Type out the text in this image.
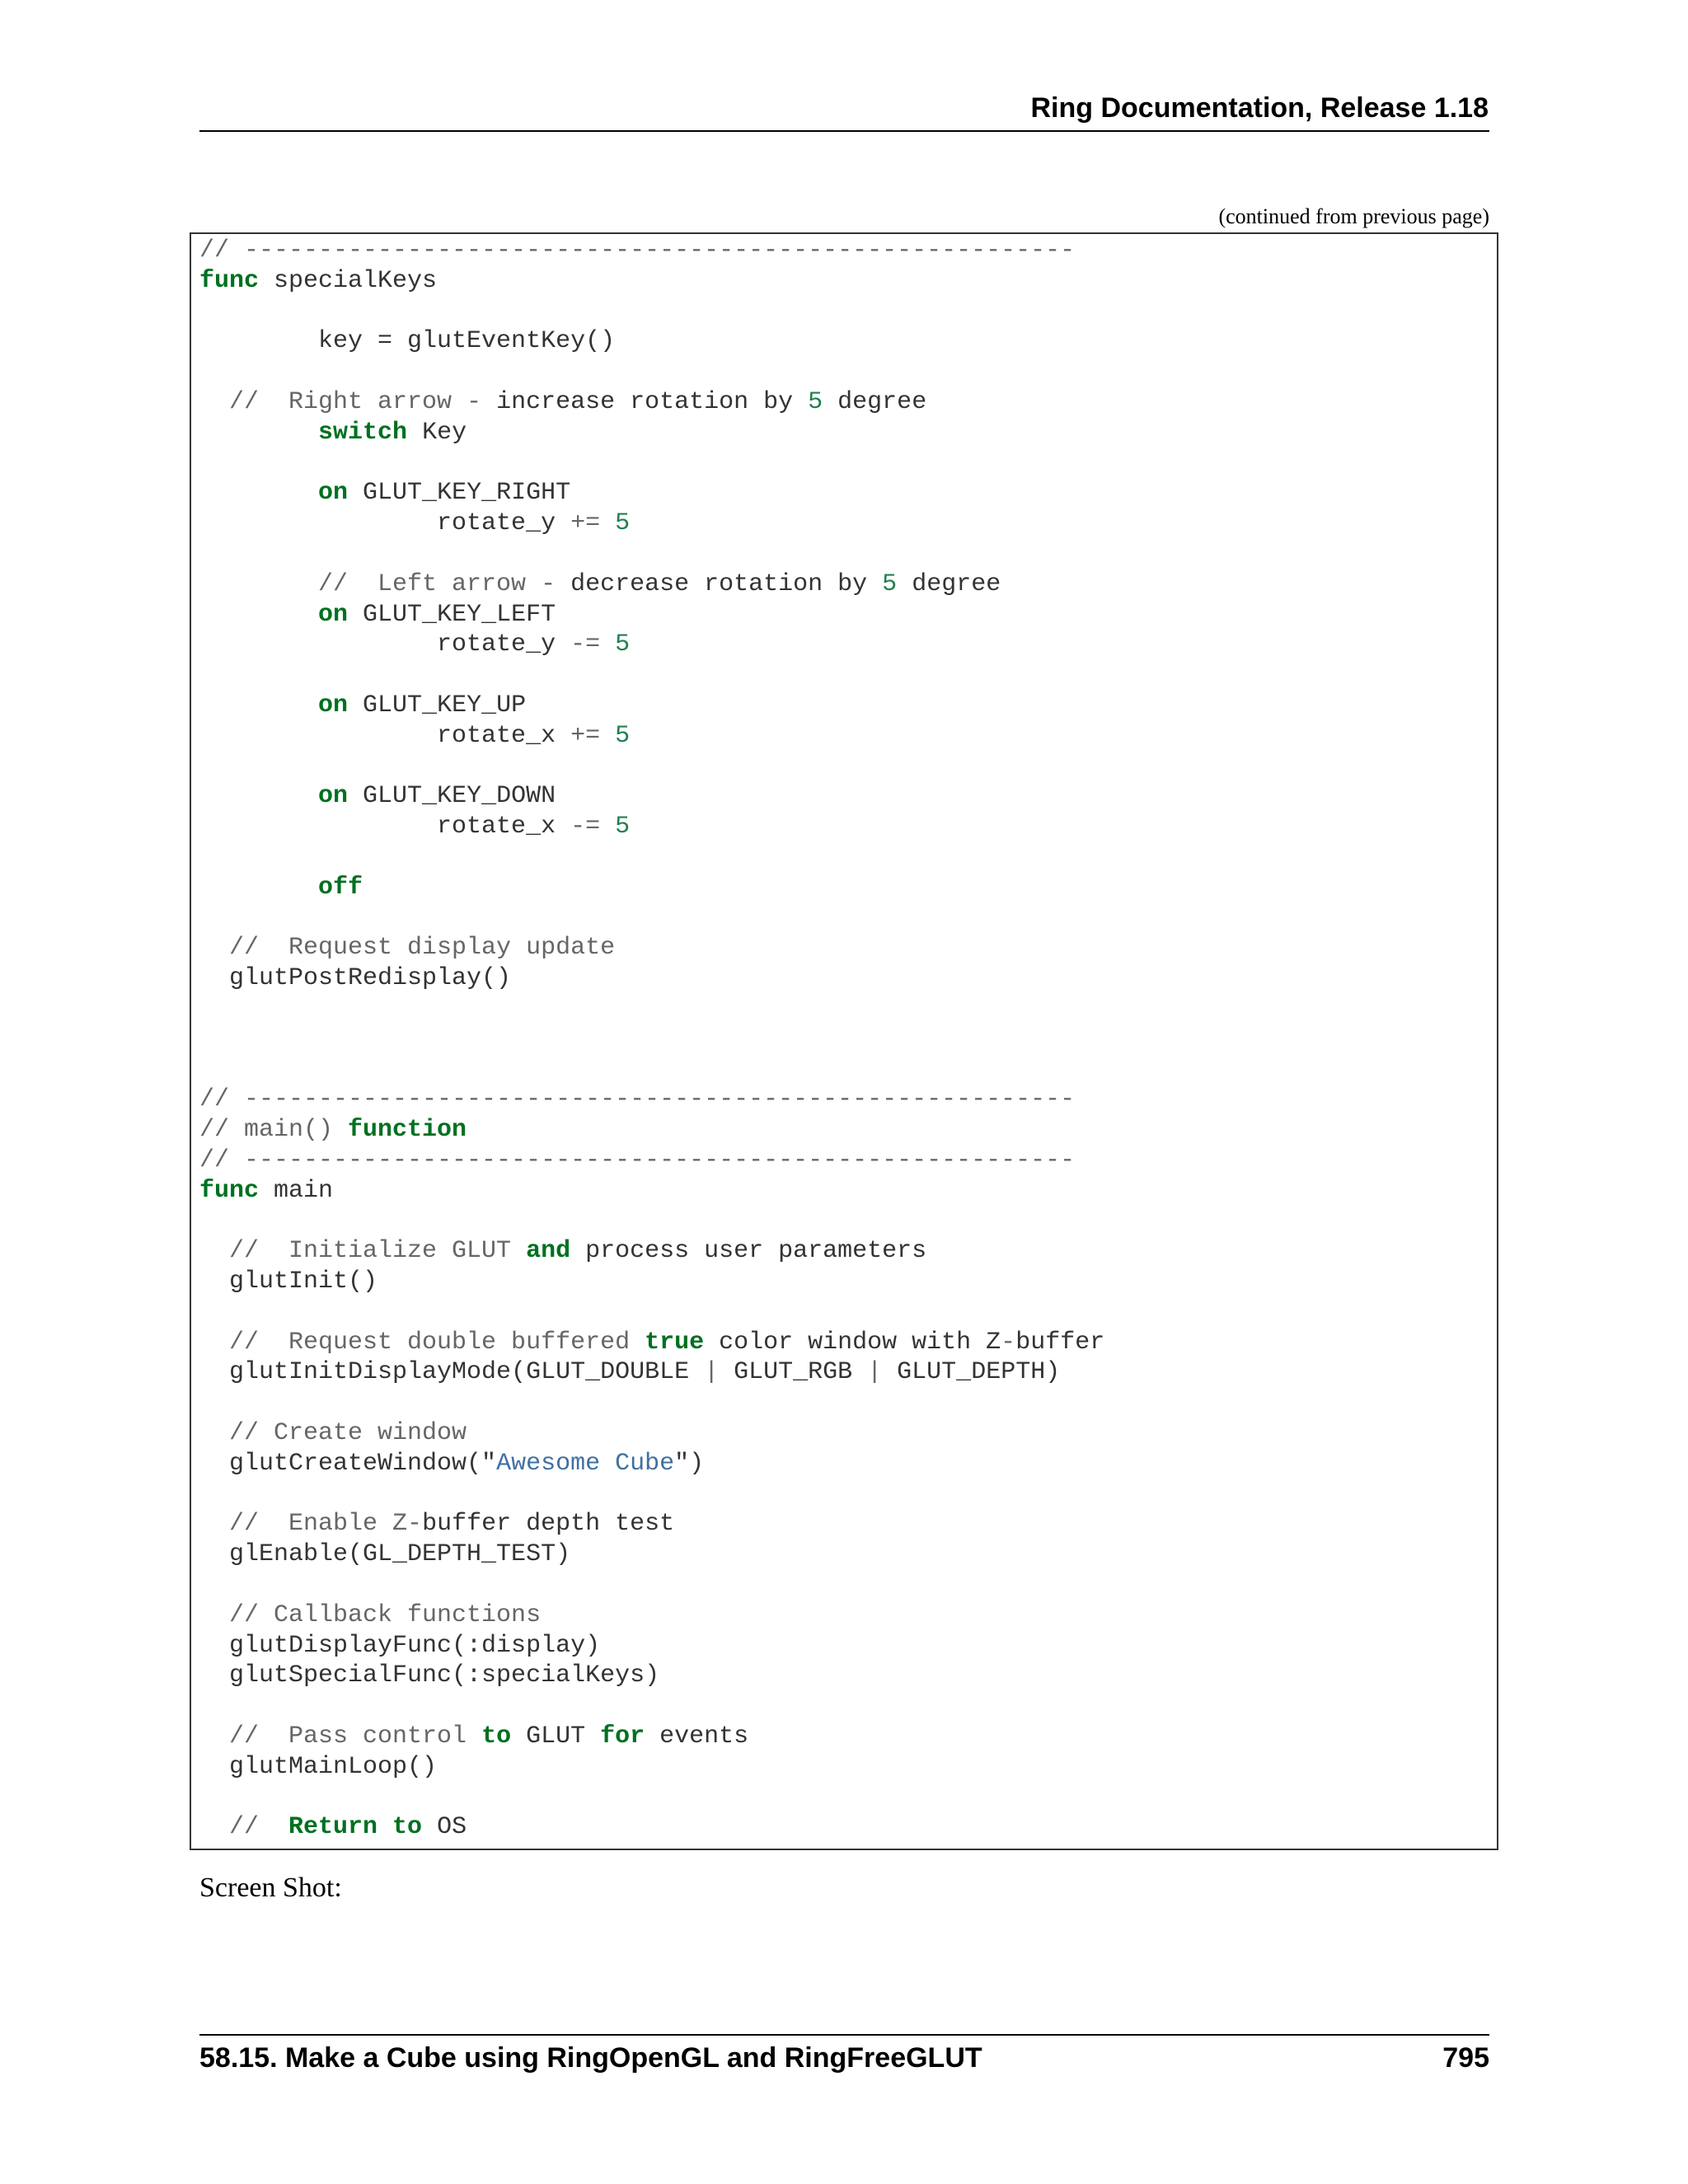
Ring Documentation, Release 1.18
(continued from previous page)
// --------------------------------------------------------
func specialKeys
key = glutEventKey()
//  Right arrow - increase rotation by 5 degree
switch Key
on GLUT_KEY_RIGHT
rotate_y += 5
//  Left arrow - decrease rotation by 5 degree
on GLUT_KEY_LEFT
rotate_y -= 5
on GLUT_KEY_UP
rotate_x += 5
on GLUT_KEY_DOWN
rotate_x -= 5
off
//  Request display update
glutPostRedisplay()
// --------------------------------------------------------
// main() function
// --------------------------------------------------------
func main
//  Initialize GLUT and process user parameters
glutInit()
//  Request double buffered true color window with Z-buffer
glutInitDisplayMode(GLUT_DOUBLE | GLUT_RGB | GLUT_DEPTH)
// Create window
glutCreateWindow("Awesome Cube")
//  Enable Z-buffer depth test
glEnable(GL_DEPTH_TEST)
// Callback functions
glutDisplayFunc(:display)
glutSpecialFunc(:specialKeys)
//  Pass control to GLUT for events
glutMainLoop()
//  Return to OS
Screen Shot:
58.15. Make a Cube using RingOpenGL and RingFreeGLUT	795
